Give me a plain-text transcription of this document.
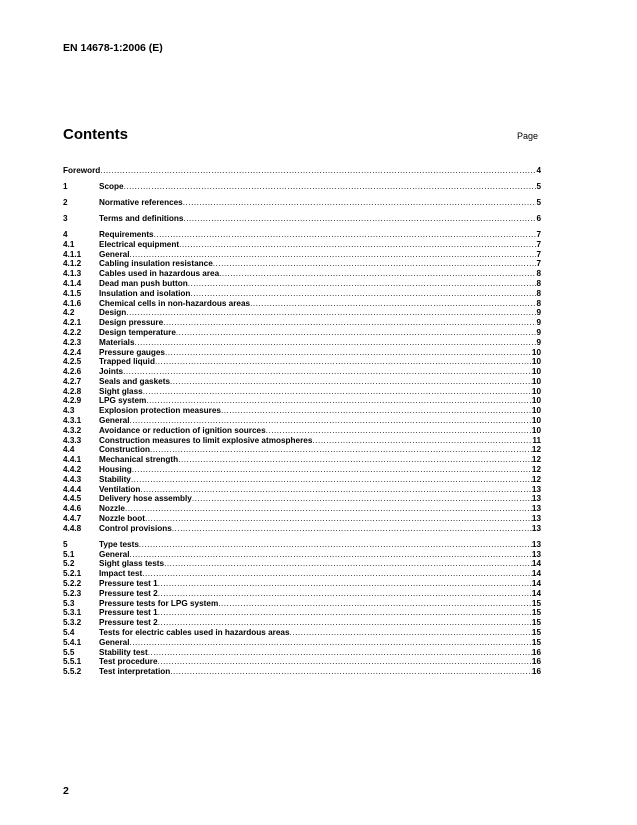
EN 14678-1:2006 (E)
Contents	Page
Foreword .....	4
1	Scope .....	5
2	Normative references .....	5
3	Terms and definitions .....	6
4	Requirements .....	7
4.1	Electrical equipment .....	7
4.1.1 General .....	7
4.1.2 Cabling insulation resistance .....	7
4.1.3 Cables used in hazardous area .....	8
4.1.4 Dead man push button .....	8
4.1.5 Insulation and isolation .....	8
4.1.6 Chemical cells in non-hazardous areas .....	8
4.2	Design .....	9
4.2.1 Design pressure .....	9
4.2.2 Design temperature .....	9
4.2.3 Materials .....	9
4.2.4 Pressure gauges .....	10
4.2.5 Trapped liquid .....	10
4.2.6 Joints .....	10
4.2.7 Seals and gaskets .....	10
4.2.8 Sight glass .....	10
4.2.9 LPG system .....	10
4.3	Explosion protection measures .....	10
4.3.1 General .....	10
4.3.2 Avoidance or reduction of ignition sources .....	10
4.3.3 Construction measures to limit explosive atmospheres .....	11
4.4	Construction .....	12
4.4.1 Mechanical strength .....	12
4.4.2 Housing .....	12
4.4.3 Stability .....	12
4.4.4 Ventilation .....	13
4.4.5 Delivery hose assembly .....	13
4.4.6 Nozzle .....	13
4.4.7 Nozzle boot .....	13
4.4.8 Control provisions .....	13
5	Type tests .....	13
5.1	General .....	13
5.2	Sight glass tests .....	14
5.2.1 Impact test .....	14
5.2.2 Pressure test 1 .....	14
5.2.3 Pressure test 2 .....	14
5.3	Pressure tests for LPG system .....	15
5.3.1 Pressure test 1 .....	15
5.3.2 Pressure test 2 .....	15
5.4	Tests for electric cables used in hazardous areas .....	15
5.4.1 General .....	15
5.5	Stability test .....	16
5.5.1 Test procedure .....	16
5.5.2 Test interpretation .....	16
2
